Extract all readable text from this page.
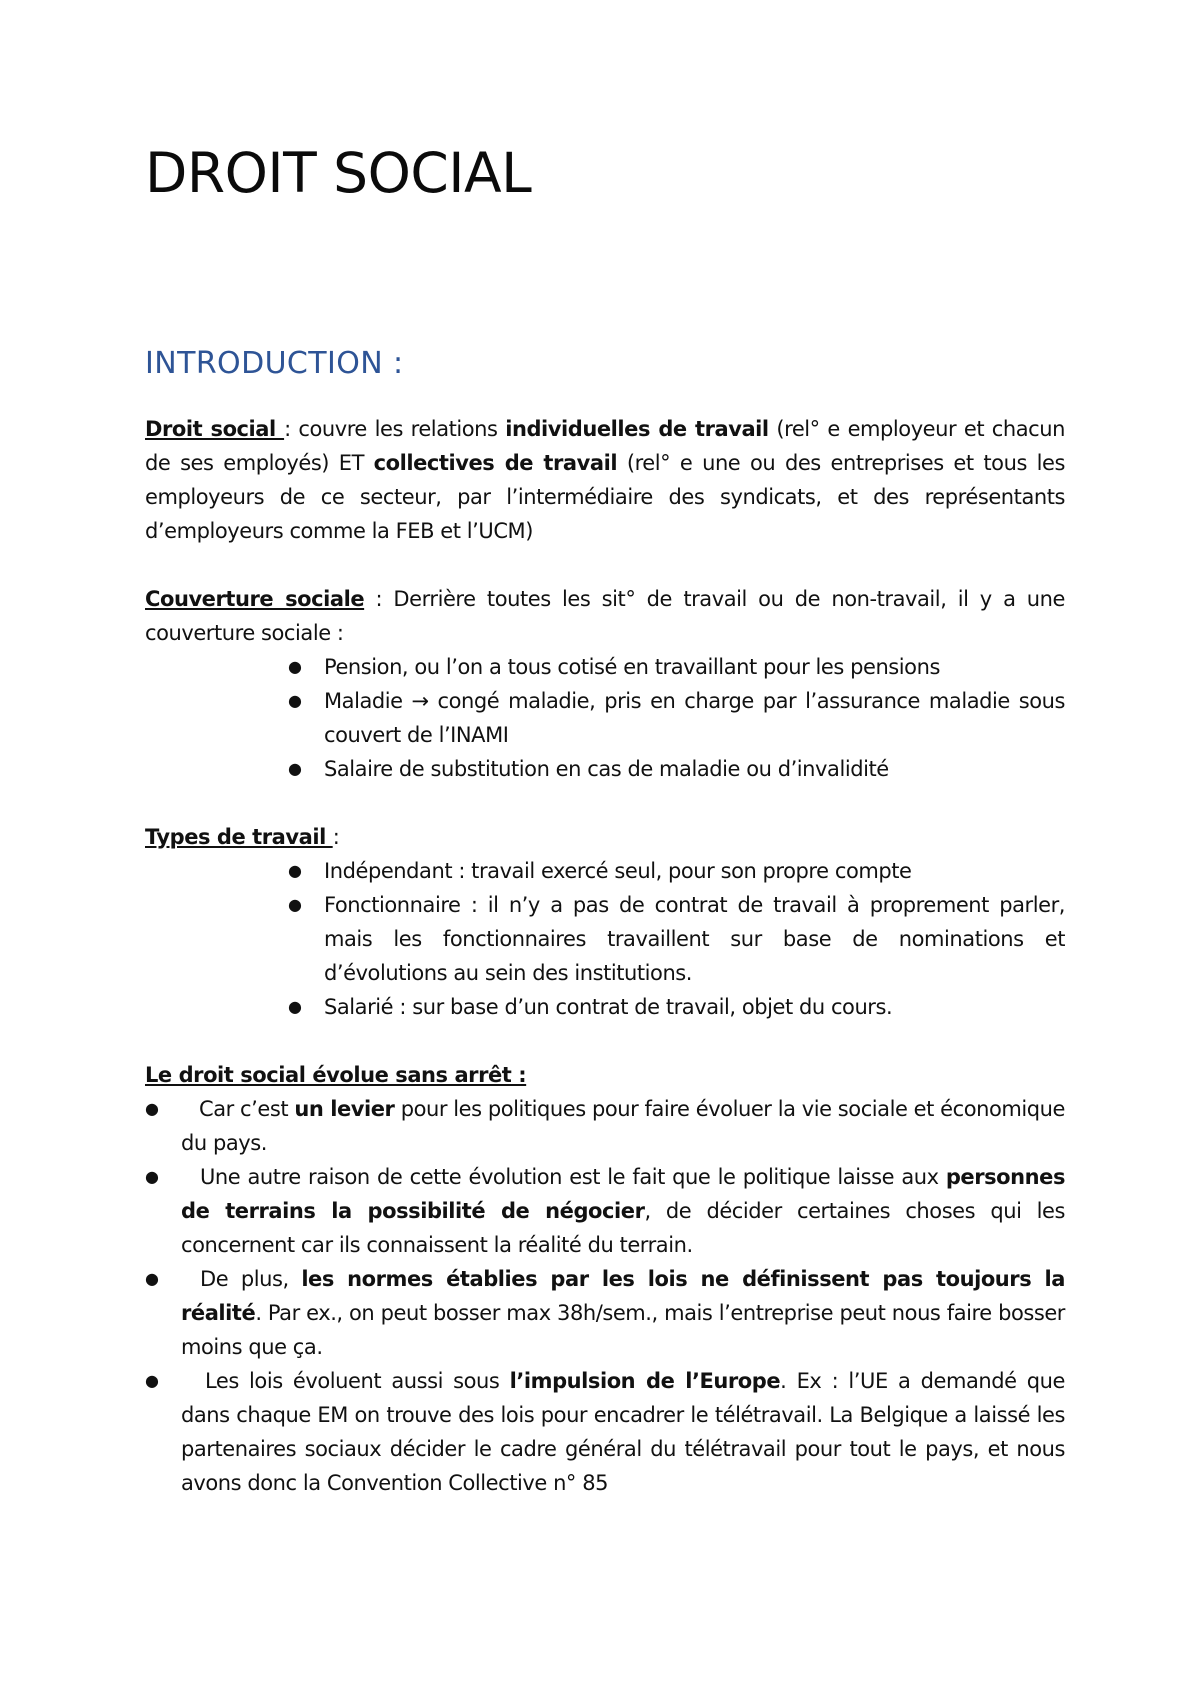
DROIT SOCIAL
INTRODUCTION :

Droit social : couvre les relations individuelles de travail (rel° e employeur et chacun de ses employés) ET collectives de travail (rel° e une ou des entreprises et tous les employeurs de ce secteur, par l’intermédiaire des syndicats, et des représentants d’employeurs comme la FEB et l’UCM)

Couverture sociale : Derrière toutes les sit° de travail ou de non-travail, il y a une couverture sociale :

● Pension, ou l’on a tous cotisé en travaillant pour les pensions
● Maladie → congé maladie, pris en charge par l’assurance maladie sous couvert de l’INAMI
● Salaire de substitution en cas de maladie ou d’invalidité

Types de travail :

● Indépendant : travail exercé seul, pour son propre compte
● Fonctionnaire : il n’y a pas de contrat de travail à proprement parler, mais les fonctionnaires travaillent sur base de nominations et d’évolutions au sein des institutions.
● Salarié : sur base d’un contrat de travail, objet du cours.

Le droit social évolue sans arrêt :

● Car c’est un levier pour les politiques pour faire évoluer la vie sociale et économique du pays.
● Une autre raison de cette évolution est le fait que le politique laisse aux personnes de terrains la possibilité de négocier, de décider certaines choses qui les concernent car ils connaissent la réalité du terrain.
● De plus, les normes établies par les lois ne définissent pas toujours la réalité. Par ex., on peut bosser max 38h/sem., mais l’entreprise peut nous faire bosser moins que ça.
● Les lois évoluent aussi sous l’impulsion de l’Europe. Ex : l’UE a demandé que dans chaque EM on trouve des lois pour encadrer le télétravail. La Belgique a laissé les partenaires sociaux décider le cadre général du télétravail pour tout le pays, et nous avons donc la Convention Collective n° 85
